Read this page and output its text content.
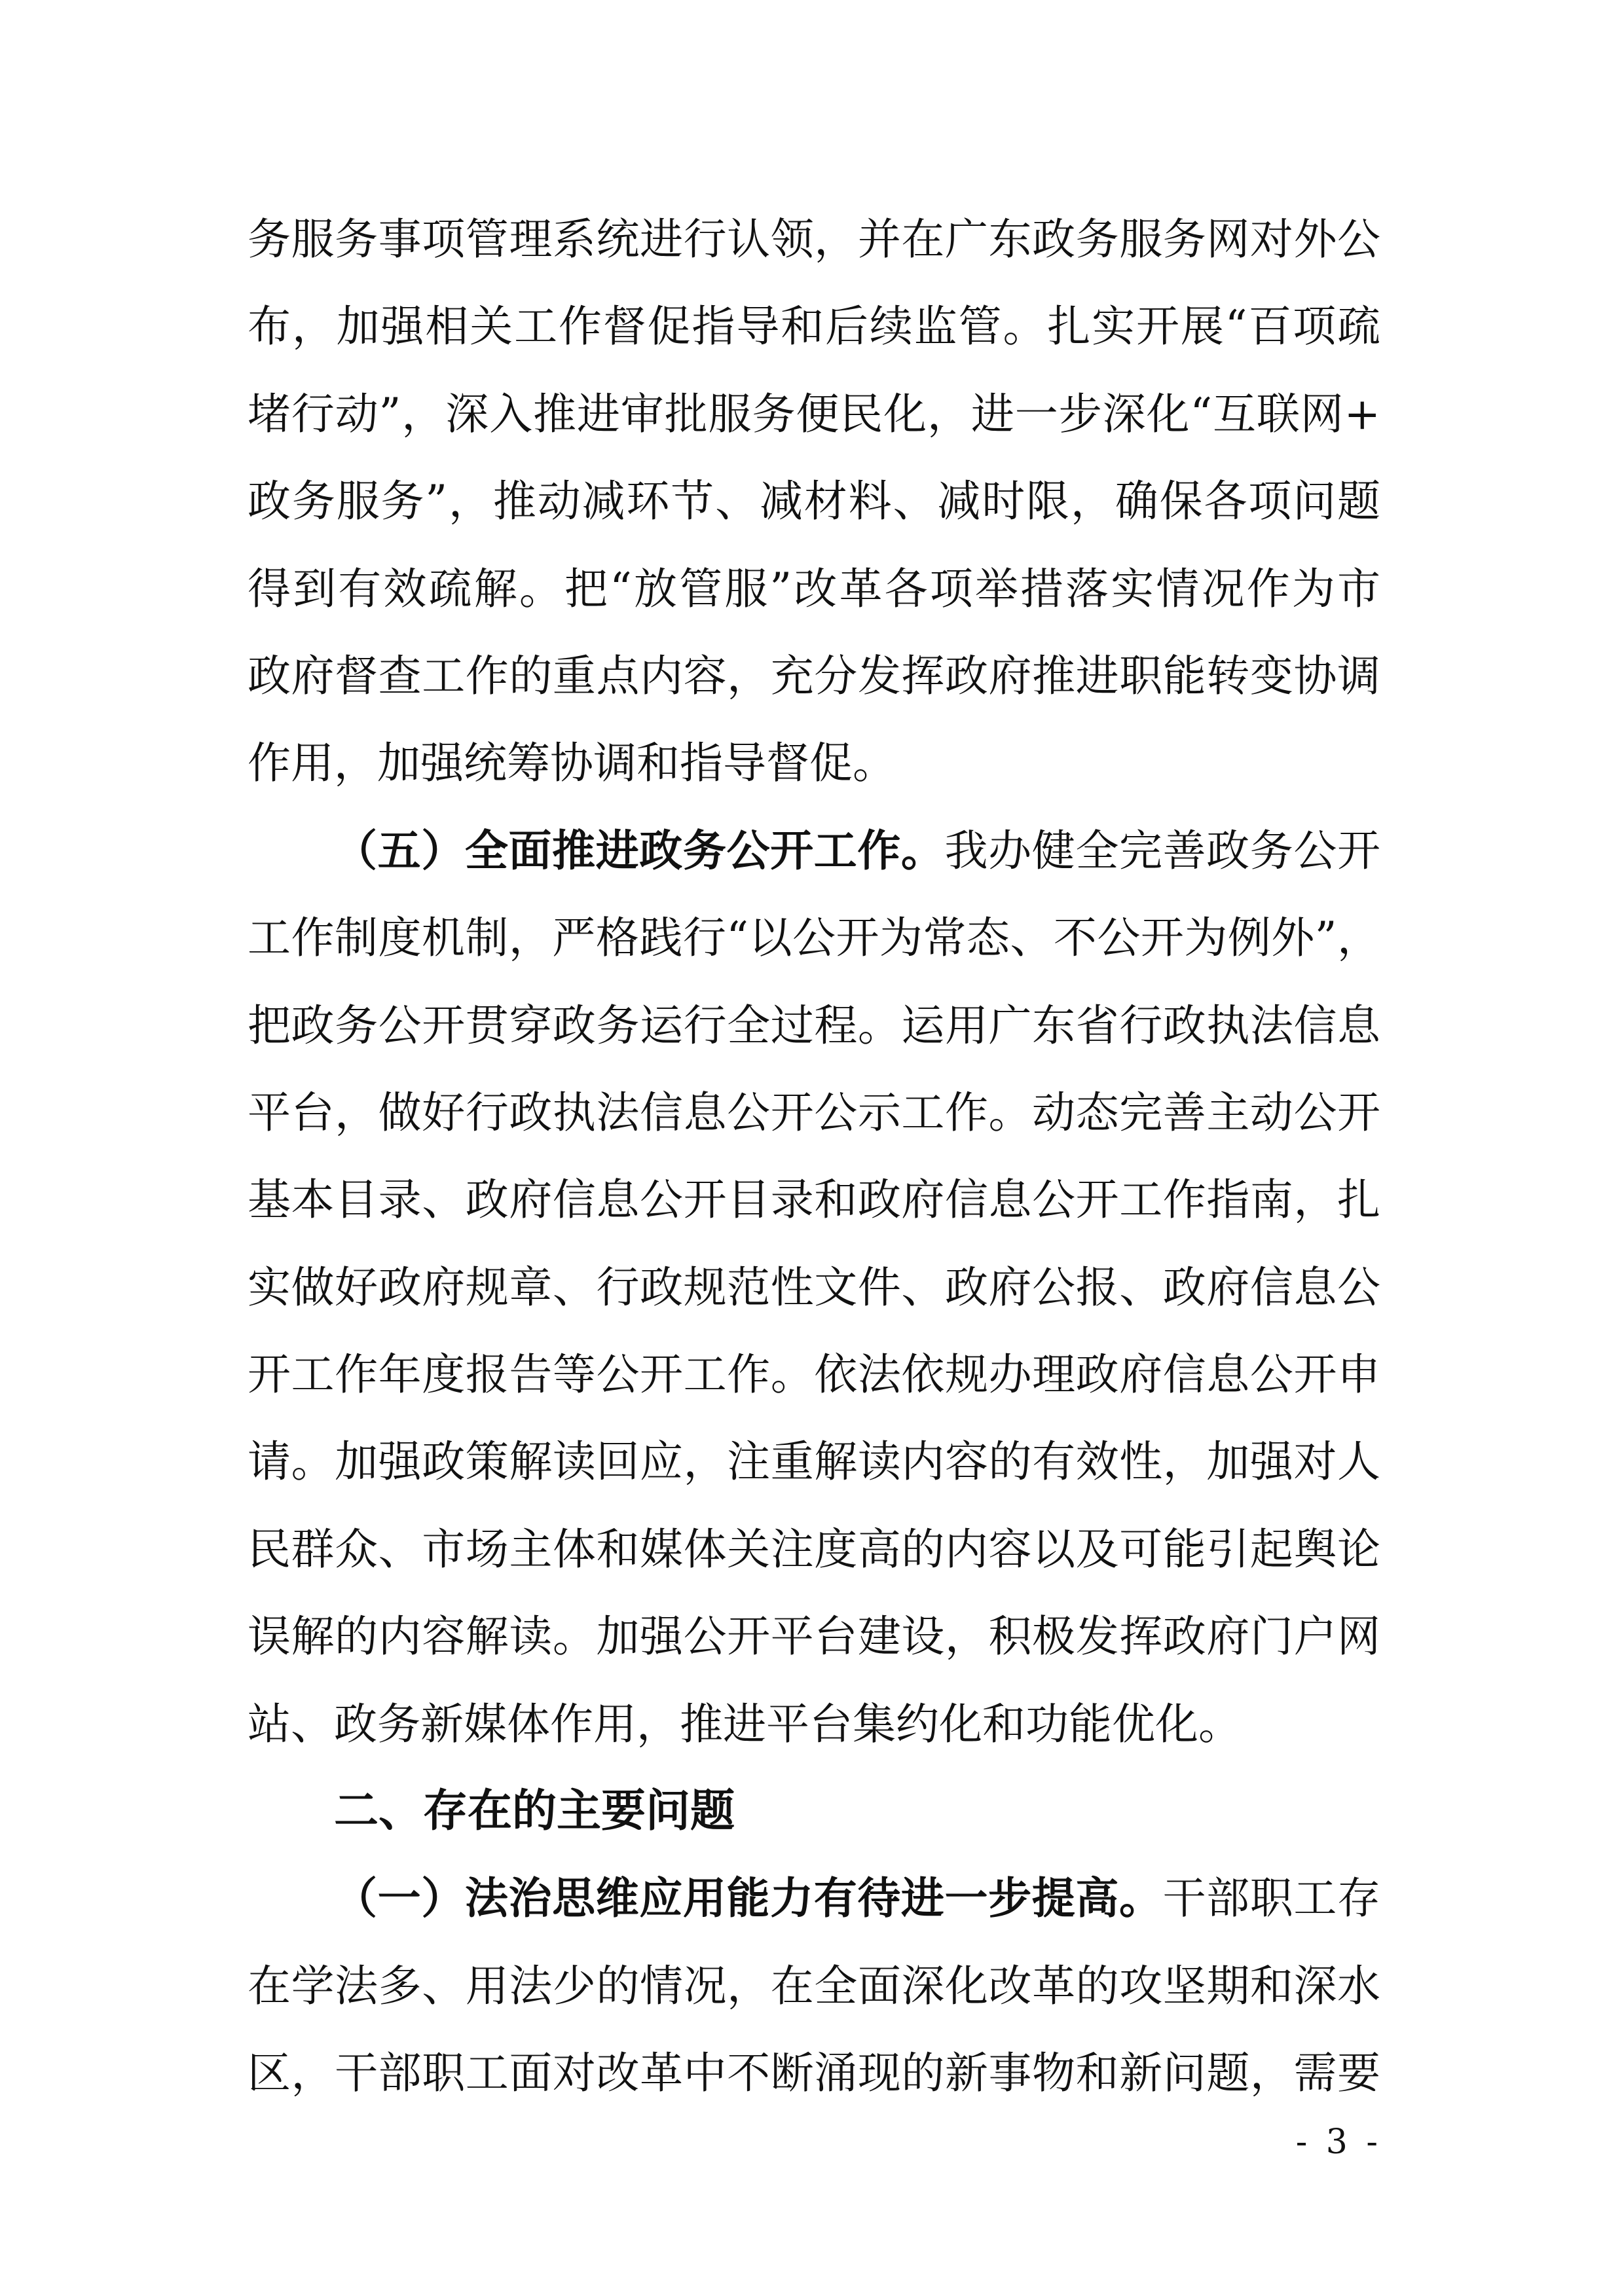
务服务事项管理系统进行认领，并在广东政务服务网对外公
布，加强相关工作督促指导和后续监管。扎实开展“百项疏
堵行动”，深入推进审批服务便民化，进一步深化“互联网+
政务服务”，推动减环节、减材料、减时限，确保各项问题
得到有效疏解。把“放管服”改革各项举措落实情况作为市
政府督查工作的重点内容，充分发挥政府推进职能转变协调
作用，加强统筹协调和指导督促。
（五）全面推进政务公开工作。我办健全完善政务公开
工作制度机制，严格践行“以公开为常态、不公开为例外”，
把政务公开贯穿政务运行全过程。运用广东省行政执法信息
平台，做好行政执法信息公开公示工作。动态完善主动公开
基本目录、政府信息公开目录和政府信息公开工作指南，扎
实做好政府规章、行政规范性文件、政府公报、政府信息公
开工作年度报告等公开工作。依法依规办理政府信息公开申
请。加强政策解读回应，注重解读内容的有效性，加强对人
民群众、市场主体和媒体关注度高的内容以及可能引起舆论
误解的内容解读。加强公开平台建设，积极发挥政府门户网
站、政务新媒体作用，推进平台集约化和功能优化。
二、存在的主要问题
（一）法治思维应用能力有待进一步提高。干部职工存
在学法多、用法少的情况，在全面深化改革的攻坚期和深水
区，干部职工面对改革中不断涌现的新事物和新问题，需要
- 3 -
